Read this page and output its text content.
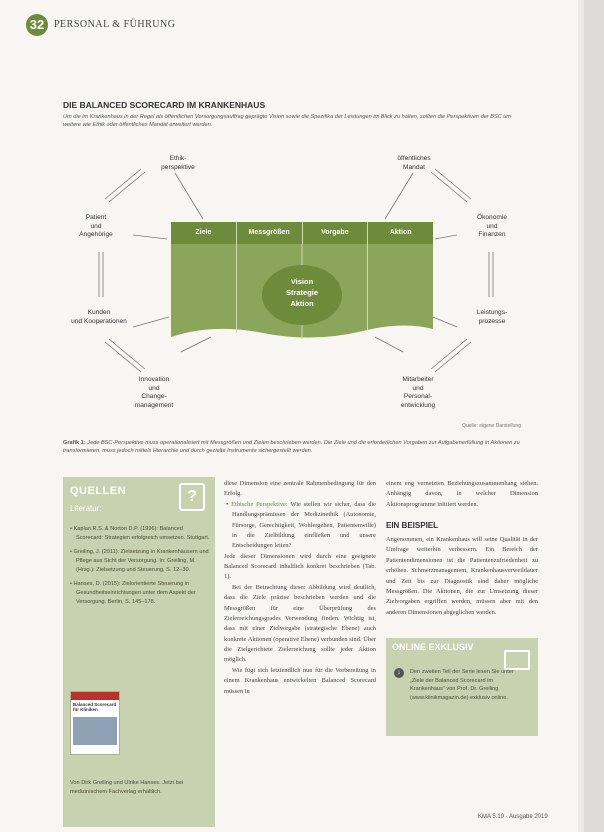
32 PERSONAL & FÜHRUNG
DIE BALANCED SCORECARD IM KRANKENHAUS
Um die im Krankenhaus in der Regel als öffentlichen Versorgungsauftrag geprägte Vision sowie die Spezifika der Leistungen im Blick zu halten, sollten die Perspektiven der BSC um weitere wie Ethik oder öffentliches Mandat erweitert werden.
Ethik-
perspektive
öffentliches
Mandat
Patient
und
Angehörige
Ökonomie
und
Finanzen
Kunden
und Kooperationen
Leistungs-
prozesse
Innovation
und
Change-
management
Mitarbeiter
und
Personal-
entwicklung
Vision
Strategie
Aktion
Quelle: eigene Darstellung
Ziele	Messgrößen	Vorgabe	Aktion
Grafik 1: Jede BSC-Perspektive muss operationalisiert mit Messgrößen und Zielen beschrieben werden. Die Ziele und die erforderlichen Vorgaben zur Aufgabenerfüllung in Aktionen zu transformieren, muss jedoch mittels Hierarchie und durch gezielte Instrumente sichergestellt werden.
QUELLEN	?
Literatur:
• Kaplan R.S. & Norton D.P. (1996): Balanced Scorecard: Strategien erfolgreich umsetzen. Stuttgart.
• Greiling, J. (2011): Zielsetzung in Krankenhäusern und Pflege aus Sicht der Versorgung. In: Greiling, M. (Hrsg.): Zielsetzung und Steuerung, S. 12–30.
• Hanses, D. (2015): Zielorientierte Steuerung in Gesundheitseinrichtungen unter dem Aspekt der Versorgung. Berlin, S. 145–178.
Balanced Scorecard für Kliniken
Von Dirk Greiling und Ulrike Hanses. Jetzt bei medizinischem Fachverlag erhältlich.

diese Dimension eine zentrale Rahmenbedingung für den Erfolg.

• Ethische Perspektive: Wie stellen wir sicher, dass die Handlungsprämissen der Medizinethik (Autonomie, Fürsorge, Gerechtigkeit, Wohlergehen, Patientenwille) in die Zielbildung einfließen und unsere Entscheidungen leiten?

Jede dieser Dimensionen wird durch eine geeignete Balanced Scorecard inhaltlich konkret beschrieben (Tab. 1).

Bei der Betrachtung dieser Abbildung wird deutlich, dass die Ziele präzise beschrieben werden und die Messgrößen für eine Überprüfung des Zielerreichungsgrades Verwendung finden. Wichtig ist, dass mit einer Zielvorgabe (strategische Ebene) auch konkrete Aktionen (operative Ebene) verbunden sind. Über die Zielgerichtete Zielerreichung sollte jeder Aktion möglich.

Wie fügt sich letztendlich nun für die Vorbereitung in einem Krankenhaus entwickelten Balanced Scorecard müssen in

einem eng vernetzten Beziehungszusammenhang stehen. Anhängig davon, in welcher Dimension Aktionsprogramme initiiert werden.

EIN BEISPIEL

Angenommen, ein Krankenhaus will seine Qualität in der Umfrage weiterhin verbessern. Ein Bereich der Patientendimensionen ist die Patientenzufriedenheit zu erhöhen. Schmerzmanagement, Krankenhausverweildauer und Zeit bis zur Diagnostik sind daher mögliche Messgrößen. Die Aktionen, die zur Umsetzung dieser Zielvorgaben ergriffen werden, müssen aber mit den anderen Dimensionen abgeglichen werden.

ONLINE EXKLUSIV
↓	Den zweiten Teil der Serie lesen Sie unter „Ziele der Balanced Scorecard im Krankenhaus“ von Prof. Dr. Greiling (www.klinikmagazin.de) exklusiv online.
KMA 5.19 · Ausgabe 2019
